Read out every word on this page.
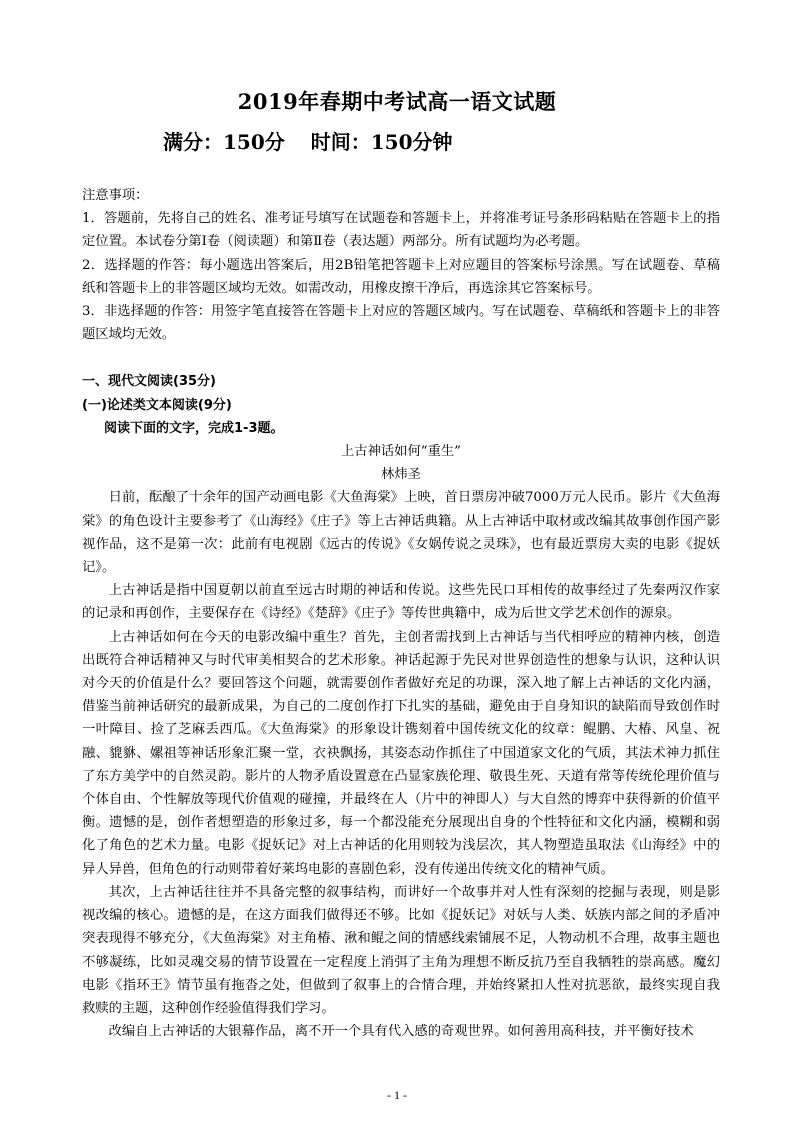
2019年春期中考试高一语文试题
满分：150分 时间：150分钟

注意事项：

1．答题前，先将自己的姓名、准考证号填写在试题卷和答题卡上，并将准考证号条形码粘贴在答题卡上的指定位置。本试卷分第Ⅰ卷（阅读题）和第Ⅱ卷（表达题）两部分。所有试题均为必考题。

2．选择题的作答：每小题选出答案后，用2B铅笔把答题卡上对应题目的答案标号涂黑。写在试题卷、草稿纸和答题卡上的非答题区域均无效。如需改动，用橡皮擦干净后，再选涂其它答案标号。

3．非选择题的作答：用签字笔直接答在答题卡上对应的答题区域内。写在试题卷、草稿纸和答题卡上的非答题区域均无效。

一、现代文阅读(35分)

(一)论述类文本阅读(9分)

阅读下面的文字，完成1-3题。

上古神话如何“重生”

林炜圣

日前，酝酿了十余年的国产动画电影《大鱼海棠》上映，首日票房冲破7000万元人民币。影片《大鱼海棠》的角色设计主要参考了《山海经》《庄子》等上古神话典籍。从上古神话中取材或改编其故事创作国产影视作品，这不是第一次：此前有电视剧《远古的传说》《女娲传说之灵珠》，也有最近票房大卖的电影《捉妖记》。

上古神话是指中国夏朝以前直至远古时期的神话和传说。这些先民口耳相传的故事经过了先秦两汉作家的记录和再创作，主要保存在《诗经》《楚辞》《庄子》等传世典籍中，成为后世文学艺术创作的源泉。

上古神话如何在今天的电影改编中重生？首先，主创者需找到上古神话与当代相呼应的精神内核，创造出既符合神话精神又与时代审美相契合的艺术形象。神话起源于先民对世界创造性的想象与认识，这种认识对今天的价值是什么？要回答这个问题，就需要创作者做好充足的功课，深入地了解上古神话的文化内涵，借鉴当前神话研究的最新成果，为自己的二度创作打下扎实的基础，避免由于自身知识的缺陷而导致创作时一叶障目、捡了芝麻丢西瓜。《大鱼海棠》的形象设计镌刻着中国传统文化的纹章：鲲鹏、大椿、风皇、祝融、貔貅、嫘祖等神话形象汇聚一堂，衣袂飘扬，其姿态动作抓住了中国道家文化的气质，其法术神力抓住了东方美学中的自然灵韵。影片的人物矛盾设置意在凸显家族伦理、敬畏生死、天道有常等传统伦理价值与个体自由、个性解放等现代价值观的碰撞，并最终在人（片中的神即人）与大自然的博弈中获得新的价值平衡。遗憾的是，创作者想塑造的形象过多，每一个都没能充分展现出自身的个性特征和文化内涵，模糊和弱化了角色的艺术力量。电影《捉妖记》对上古神话的化用则较为浅层次，其人物塑造虽取法《山海经》中的异人异兽，但角色的行动则带着好莱坞电影的喜剧色彩，没有传递出传统文化的精神气质。

其次，上古神话往往并不具备完整的叙事结构，而讲好一个故事并对人性有深刻的挖掘与表现，则是影视改编的核心。遗憾的是，在这方面我们做得还不够。比如《捉妖记》对妖与人类、妖族内部之间的矛盾冲突表现得不够充分，《大鱼海棠》对主角椿、湫和鲲之间的情感线索铺展不足，人物动机不合理，故事主题也不够凝练，比如灵魂交易的情节设置在一定程度上消弭了主角为理想不断反抗乃至自我牺牲的崇高感。魔幻电影《指环王》情节虽有拖沓之处，但做到了叙事上的合情合理，并始终紧扣人性对抗恶欲，最终实现自我救赎的主题，这种创作经验值得我们学习。

改编自上古神话的大银幕作品，离不开一个具有代入感的奇观世界。如何善用高科技，并平衡好技术

- 1 -
